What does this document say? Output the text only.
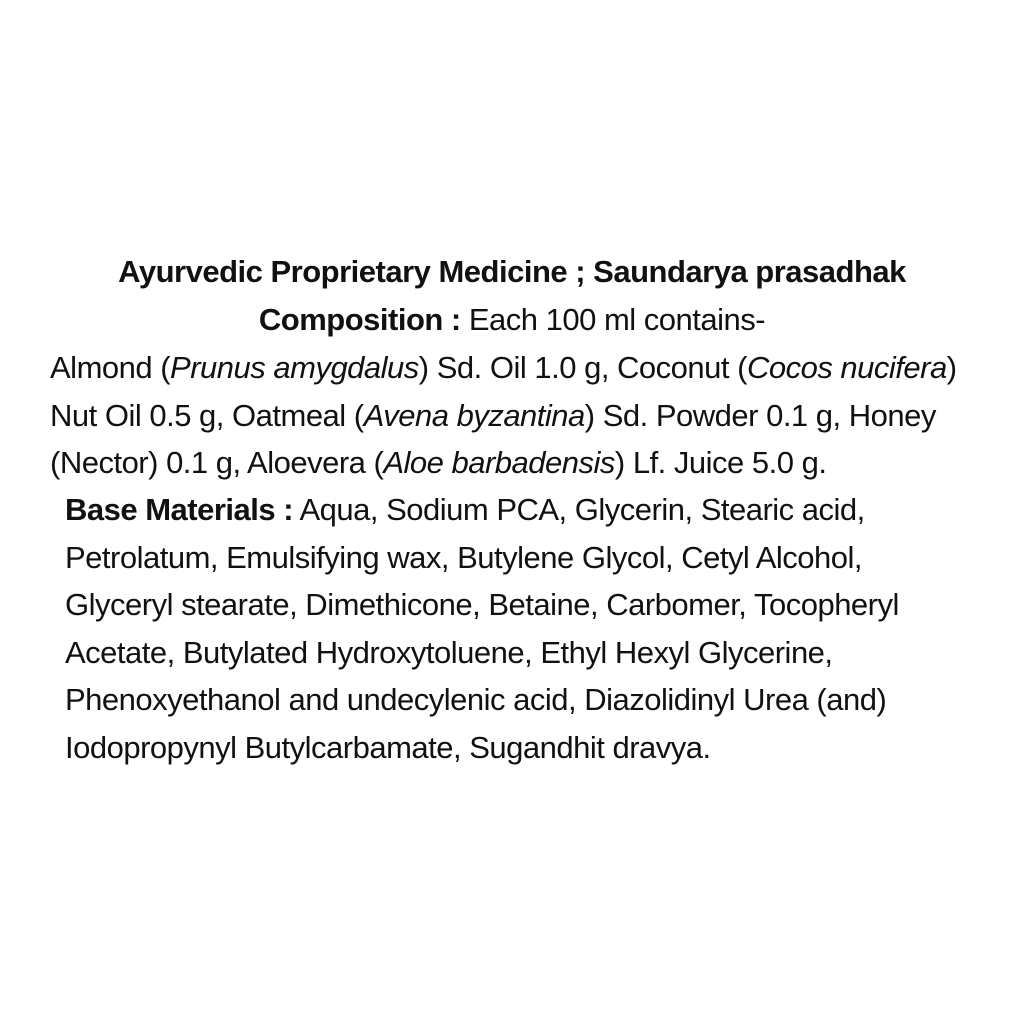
Ayurvedic Proprietary Medicine ; Saundarya prasadhak
Composition : Each 100 ml contains-
Almond (Prunus amygdalus) Sd. Oil 1.0 g, Coconut (Cocos nucifera)
Nut Oil 0.5 g, Oatmeal (Avena byzantina) Sd. Powder 0.1 g, Honey
(Nector) 0.1 g, Aloevera (Aloe barbadensis) Lf. Juice 5.0 g.
Base Materials : Aqua, Sodium PCA, Glycerin, Stearic acid,
Petrolatum, Emulsifying wax, Butylene Glycol, Cetyl Alcohol,
Glyceryl stearate, Dimethicone, Betaine, Carbomer, Tocopheryl
Acetate, Butylated Hydroxytoluene, Ethyl Hexyl Glycerine,
Phenoxyethanol and undecylenic acid, Diazolidinyl Urea (and)
Iodopropynyl Butylcarbamate, Sugandhit dravya.
